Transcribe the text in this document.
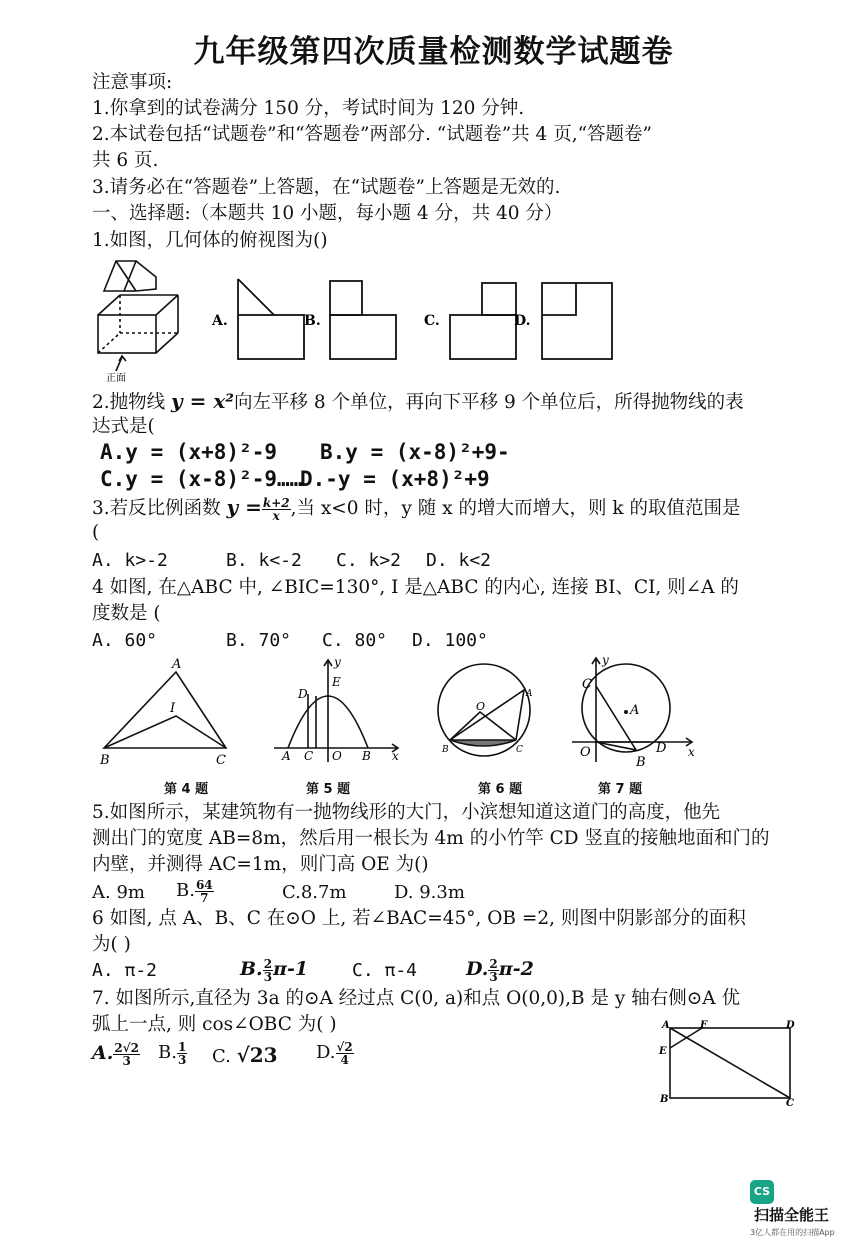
九年级第四次质量检测数学试题卷
注意事项:
1.你拿到的试卷满分 150 分，考试时间为 120 分钟.
2.本试卷包括“试题卷”和“答题卷”两部分. “试题卷”共 4 页,“答题卷”
共 6 页.
3.请务必在“答题卷”上答题，在“试题卷”上答题是无效的.
一、选择题:（本题共 10 小题，每小题 4 分，共 40 分）
1.如图，几何体的俯视图为()
正面
A.	B.	C.	D.
2.抛物线 y = x²向左平移 8 个单位，再向下平移 9 个单位后，所得抛物线的表
达式是(
A.y = (x+8)²-9 B.y = (x-8)²+9-
C.y = (x-8)²-9……
D.-y = (x+8)²+9
3.若反比例函数 $y = \frac{k+2}{x}$ ,当 x<0 时，y 随 x 的增大而增大，则 k 的取值范围是
(
A. k>-2	B. k<-2 C. k>2 D. k<2
4 如图, 在△ABC 中, ∠BIC=130°, I 是△ABC 的内心, 连接 BI、CI, 则∠A 的
度数是 (
A. 60°	B. 70° C. 80° D. 100°
A
I
B	C
y
D
E
A C O B x
O
A
B	C
y
C
A
O	D x
B
第 4 题	第 5 题	第 6 题	第 7 题
5.如图所示，某建筑物有一抛物线形的大门，小滨想知道这道门的高度，他先
测出门的宽度 AB=8m，然后用一根长为 4m 的小竹竿 CD 竖直的接触地面和门的
内壁，并测得 AC=1m，则门高 OE 为()
A. 9m B. $\frac{64}{7}$	C.8.7m	D. 9.3m
6 如图, 点 A、B、C 在⊙O 上, 若∠BAC=45°, OB =2, 则图中阴影部分的面积
为( )
A. π-2	B. $\frac{2}{3} \pi-1$ C. π-4	D. $\frac{2}{3} \pi-2$
7. 如图所示,直径为 3a 的⊙A 经过点 C(0, a)和点 O(0,0),B 是 y 轴右侧⊙A 优
弧上一点, 则 cos∠OBC 为( )
A. $\frac{2√2}{3} B$. $\frac{1}{3} C$. √23 D. $\frac{√2}{4}$
A	F	D
E
B	C
CS扫描全能王
3亿人都在用的扫描App
